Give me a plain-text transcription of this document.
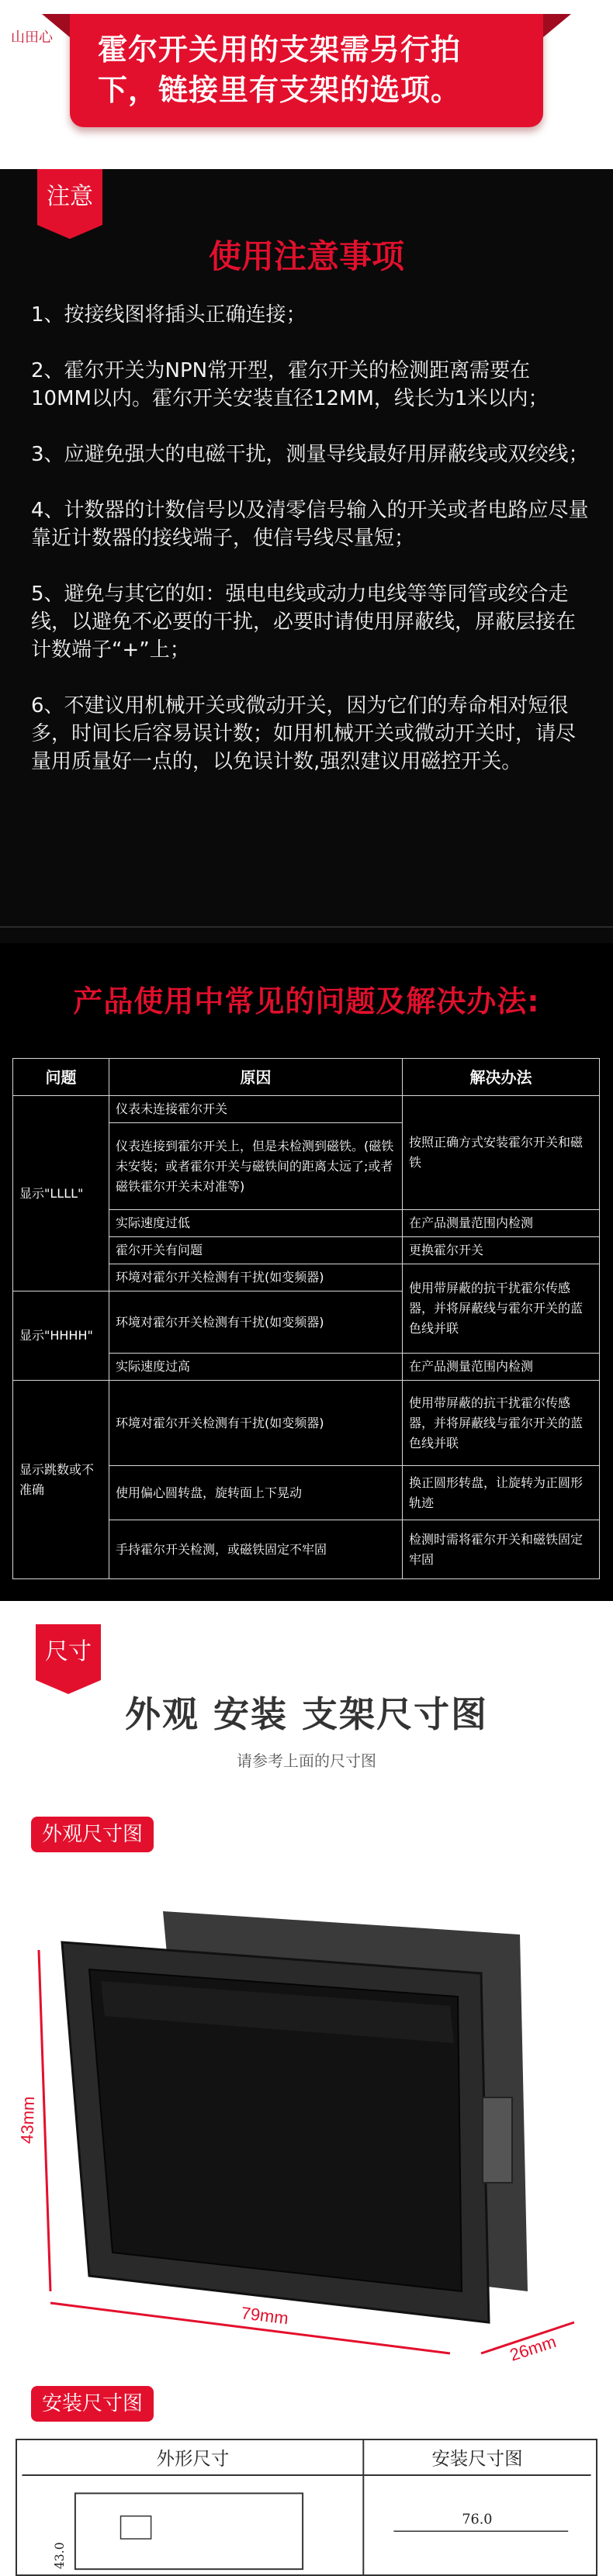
山田心 霍尔开关用的支架需另行拍下，链接里有支架的选项。
注意
使用注意事项
1、按接线图将插头正确连接；
2、霍尔开关为NPN常开型，霍尔开关的检测距离需要在10MM以内。霍尔开关安装直径12MM，线长为1米以内；
3、应避免强大的电磁干扰，测量导线最好用屏蔽线或双绞线；
4、计数器的计数信号以及清零信号输入的开关或者电路应尽量靠近计数器的接线端子，使信号线尽量短；
5、避免与其它的如：强电电线或动力电线等等同管或绞合走线，以避免不必要的干扰，必要时请使用屏蔽线，屏蔽层接在计数端子“+”上；
6、不建议用机械开关或微动开关，因为它们的寿命相对短很多，时间长后容易误计数；如用机械开关或微动开关时，请尽量用质量好一点的，以免误计数,强烈建议用磁控开关。
产品使用中常见的问题及解决办法:
问题	原因	解决办法
显示"LLLL"	仪表未连接霍尔开关	按照正确方式安装霍尔开关和磁铁
	仪表连接到霍尔开关上，但是未检测到磁铁。(磁铁未安装；或者霍尔开关与磁铁间的距离太远了;或者磁铁霍尔开关未对准等)	
	实际速度过低	在产品测量范围内检测
	霍尔开关有问题	更换霍尔开关
	环境对霍尔开关检测有干扰(如变频器)	使用带屏蔽的抗干扰霍尔传感器，并将屏蔽线与霍尔开关的蓝色线并联
显示"HHHH"	环境对霍尔开关检测有干扰(如变频器)	
	实际速度过高	在产品测量范围内检测
显示跳数或不准确	环境对霍尔开关检测有干扰(如变频器)	使用带屏蔽的抗干扰霍尔传感器，并将屏蔽线与霍尔开关的蓝色线并联
	使用偏心圆转盘，旋转面上下晃动	换正圆形转盘，让旋转为正圆形轨迹
	手持霍尔开关检测，或磁铁固定不牢固	检测时需将霍尔开关和磁铁固定牢固
尺寸
外观 安装 支架尺寸图
请参考上面的尺寸图
外观尺寸图
43mm
79mm
26mm
安装尺寸图
外形尺寸	安装尺寸图
43.0
76.0
